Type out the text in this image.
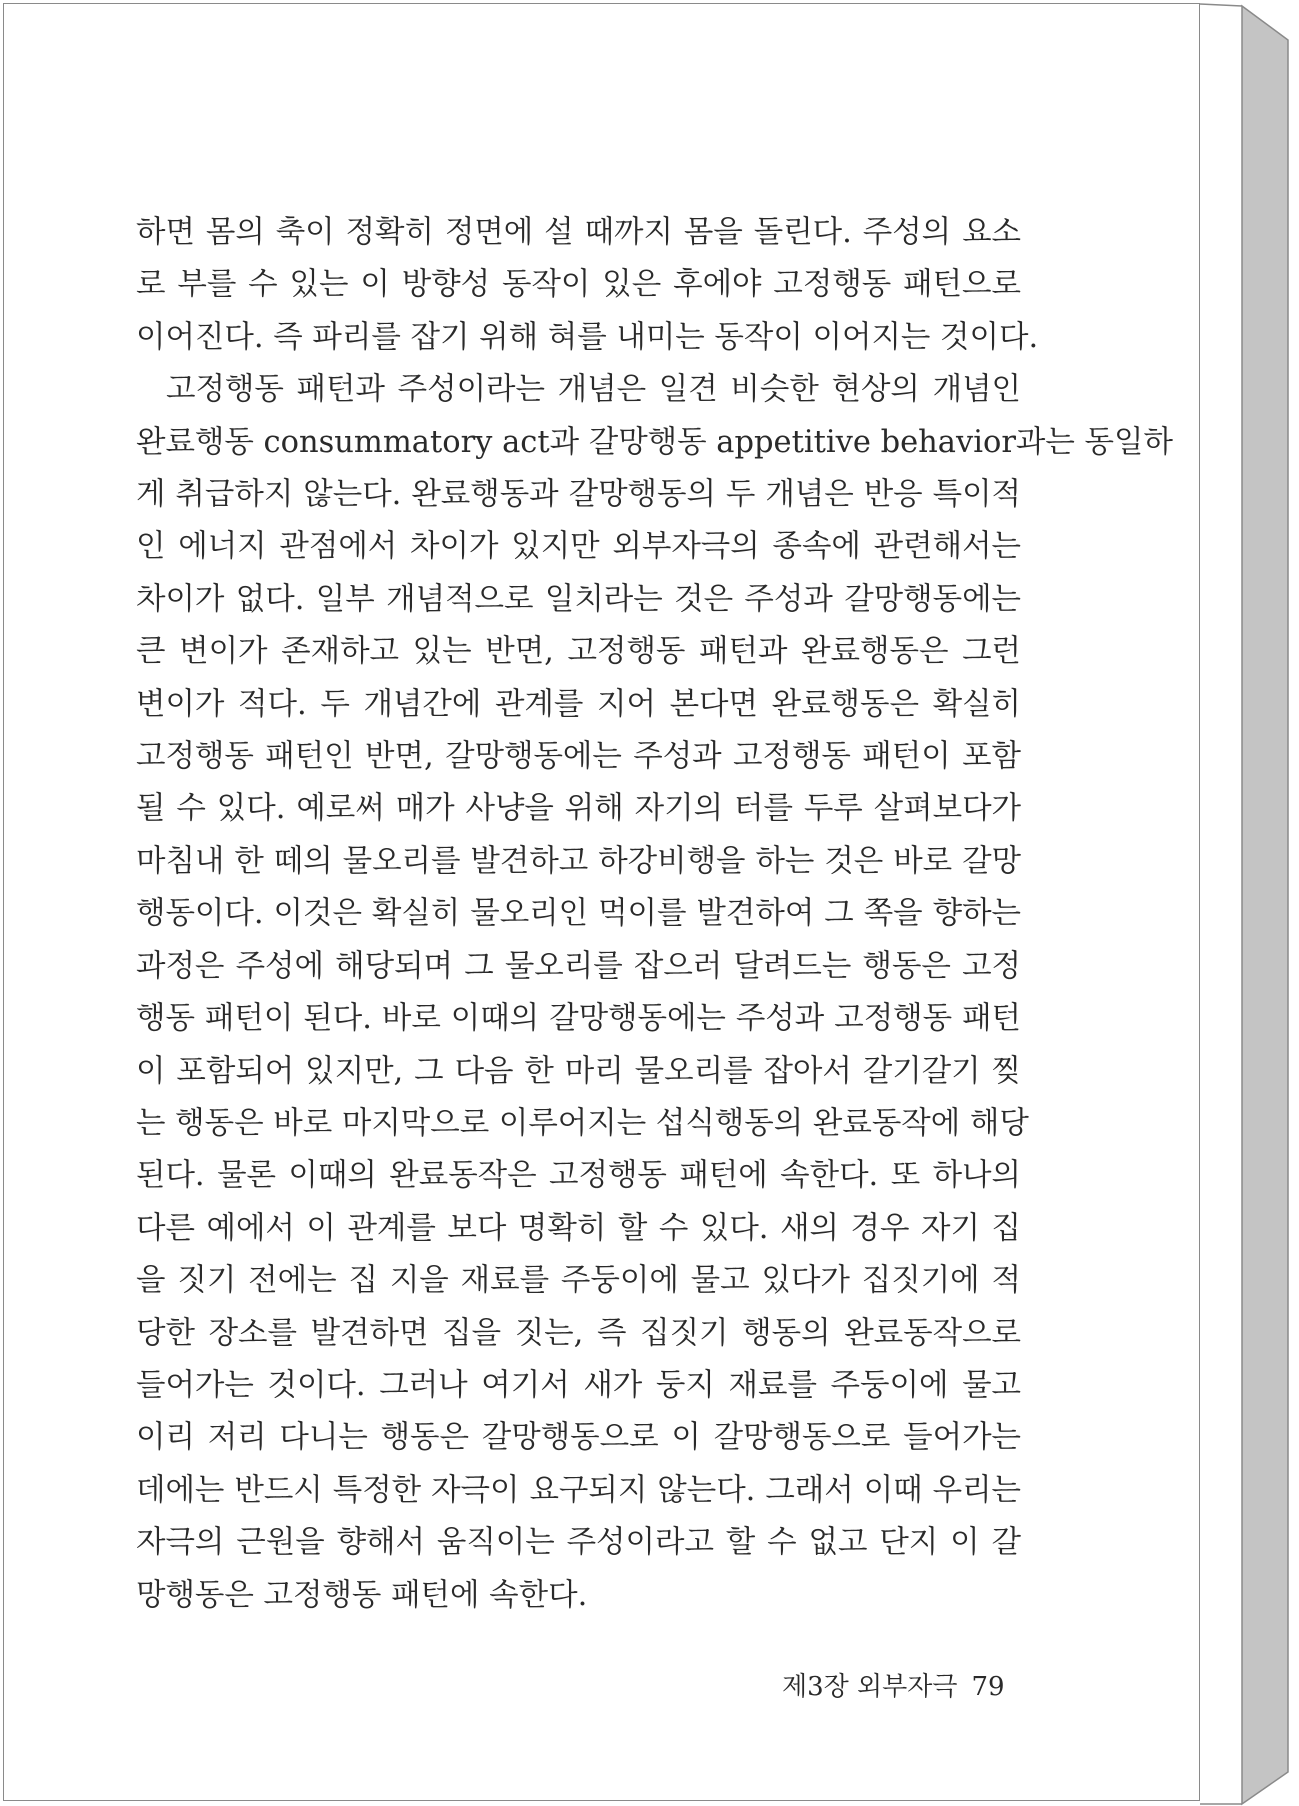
하면 몸의 축이 정확히 정면에 설 때까지 몸을 돌린다. 주성의 요소

로 부를 수 있는 이 방향성 동작이 있은 후에야 고정행동 패턴으로

이어진다. 즉 파리를 잡기 위해 혀를 내미는 동작이 이어지는 것이다.

고정행동 패턴과 주성이라는 개념은 일견 비슷한 현상의 개념인

완료행동 consummatory act과 갈망행동 appetitive behavior과는 동일하

게 취급하지 않는다. 완료행동과 갈망행동의 두 개념은 반응 특이적

인 에너지 관점에서 차이가 있지만 외부자극의 종속에 관련해서는

차이가 없다. 일부 개념적으로 일치라는 것은 주성과 갈망행동에는

큰 변이가 존재하고 있는 반면, 고정행동 패턴과 완료행동은 그런

변이가 적다. 두 개념간에 관계를 지어 본다면 완료행동은 확실히

고정행동 패턴인 반면, 갈망행동에는 주성과 고정행동 패턴이 포함

될 수 있다. 예로써 매가 사냥을 위해 자기의 터를 두루 살펴보다가

마침내 한 떼의 물오리를 발견하고 하강비행을 하는 것은 바로 갈망

행동이다. 이것은 확실히 물오리인 먹이를 발견하여 그 쪽을 향하는

과정은 주성에 해당되며 그 물오리를 잡으러 달려드는 행동은 고정

행동 패턴이 된다. 바로 이때의 갈망행동에는 주성과 고정행동 패턴

이 포함되어 있지만, 그 다음 한 마리 물오리를 잡아서 갈기갈기 찢

는 행동은 바로 마지막으로 이루어지는 섭식행동의 완료동작에 해당

된다. 물론 이때의 완료동작은 고정행동 패턴에 속한다. 또 하나의

다른 예에서 이 관계를 보다 명확히 할 수 있다. 새의 경우 자기 집

을 짓기 전에는 집 지을 재료를 주둥이에 물고 있다가 집짓기에 적

당한 장소를 발견하면 집을 짓는, 즉 집짓기 행동의 완료동작으로

들어가는 것이다. 그러나 여기서 새가 둥지 재료를 주둥이에 물고

이리 저리 다니는 행동은 갈망행동으로 이 갈망행동으로 들어가는

데에는 반드시 특정한 자극이 요구되지 않는다. 그래서 이때 우리는

자극의 근원을 향해서 움직이는 주성이라고 할 수 없고 단지 이 갈

망행동은 고정행동 패턴에 속한다.

제3장 외부자극 79
